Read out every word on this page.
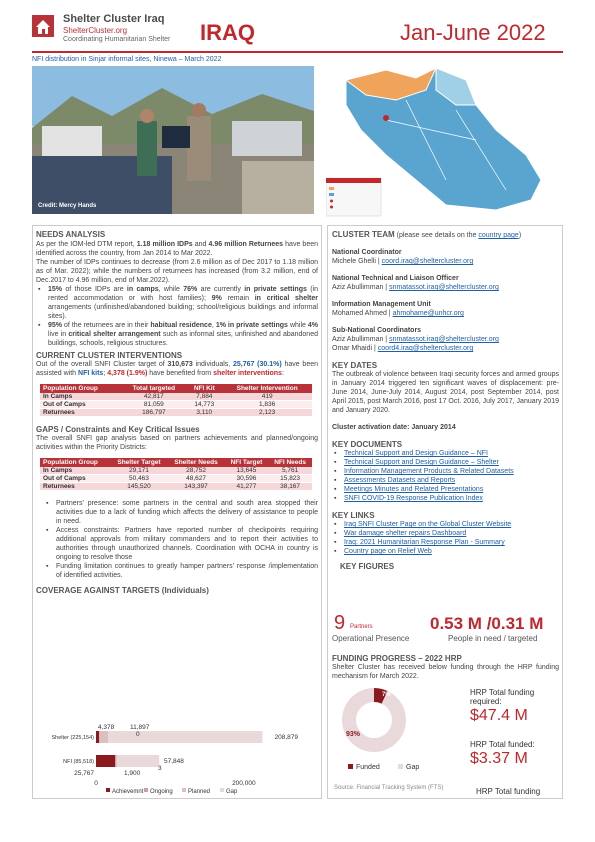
Shelter Cluster Iraq
ShelterCluster.org
Coordinating Humanitarian Shelter IRAQ	Jan-June 2022
NFI distribution in Sinjar informal sites, Ninewa – March 2022
Credit: Mercy Hands
NEEDS ANALYSIS
As per the IOM-led DTM report, 1.18 million IDPs and 4.96 million Returnees have been identified across the country, from Jan 2014 to Mar 2022.
The number of IDPs continues to decrease (from 2.6 million as of Dec 2017 to 1.18 million as of Mar. 2022); while the numbers of returnees has increased (from 3.2 million, end of Dec.2017 to 4.96 million, end of Mar.2022).
▪ 15% of those IDPs are in camps, while 76% are currently in private settings (in rented accommodation or with host families); 9% remain in critical shelter arrangements (unfinished/abandoned building; school/religious buildings and informal sites).
▪ 95% of the returnees are in their habitual residence, 1% in private settings while 4% live in critical shelter arrangement such as informal sites, unfinished and abandoned buildings, schools, religious structures.
CURRENT CLUSTER INTERVENTIONS
Out of the overall SNFI Cluster target of 310,673 individuals, 25,767 (30.1%) have been assisted with NFI kits; 4,378 (1.9%) have benefited from shelter interventions:
Population Group	Total targeted	NFI Kit	Shelter Intervention
In Camps	42,817	7,884	419
Out of Camps	81,059	14,773	1,836
Returnees	186,797	3,110	2,123
GAPS / Constraints and Key Critical Issues
The overall SNFI gap analysis based on partners achievements and planned/ongoing activities within the Priority Districts:
Population Group	Shelter Target	Shelter Needs	NFI Target	NFI Needs
In Camps	29,171	28,752	13,645	5,761
Out of Camps	50,463	48,627	30,596	15,823
Returnees	145,520	143,397	41,277	38,167
▪ Partners' presence: some partners in the central and south area stopped their activities due to a lack of funding which affects the delivery of assistance to people in need.
▪ Access constraints: Partners have reported number of checkpoints requiring additional approvals from military commanders and to report their activities to authorities through unauthorized channels. Coordination with OCHA in country is ongoing to resolve those
▪ Funding limitation continues to greatly hamper partners' response /implementation of identified activities.
COVERAGE AGAINST TARGETS (Individuals)
Shelter (225,154)
NFI (85,518)
4,378 11,897
0	208,879
25,767	1,900
3
57,848
0	200,000
Achievemnt Ongoing	Planned	Gap
CLUSTER TEAM (please see details on the country page)
National Coordinator
Michele Ghelli | coord.iraq@sheltercluster.org
National Technical and Liaison Officer
Aziz Abullimman | snmatassot.iraq@sheltercluster.org
Information Management Unit
Mohamed Ahmed | ahmohame@unhcr.org
Sub-National Coordinators
Aziz Abullimman | snmatassot.iraq@sheltercluster.org
Omar Mhaidi | coord4.iraq@sheltercluster.org
KEY DATES
The outbreak of violence between Iraqi security forces and armed groups in January 2014 triggered ten significant waves of displacement: pre-June 2014, June-July 2014, August 2014, post September 2014, post April 2015, post March 2016, post 17 Oct. 2016, July 2017, January 2019 and January 2020.
Cluster activation date: January 2014
KEY DOCUMENTS
▪ Technical Support and Design Guidance – NFI
▪ Technical Support and Design Guidance – Shelter
▪ Information Management Products & Related Datasets
▪ Assessments Datasets and Reports
▪ Meetings Minutes and Related Presentations
▪ SNFI COVID-19 Response Publication Index
KEY LINKS
▪ Iraq SNFI Cluster Page on the Global Cluster Website
▪ War damage shelter repairs Dashboard
▪ Iraq: 2021 Humanitarian Response Plan - Summary
▪ Country page on Relief Web
KEY FIGURES
9 Partners
Operational Presence
0.53 M /0.31 M
People in need / targeted
FUNDING PROGRESS – 2022 HRP
Shelter Cluster has received below funding through the HRP funding mechanism for March 2022.
7%
93%
Funded	Gap
HRP Total funding required:
$47.4 M
HRP Total funded:
$3.37 M
Source: Financial Tracking System (FTS)	HRP Total funding
